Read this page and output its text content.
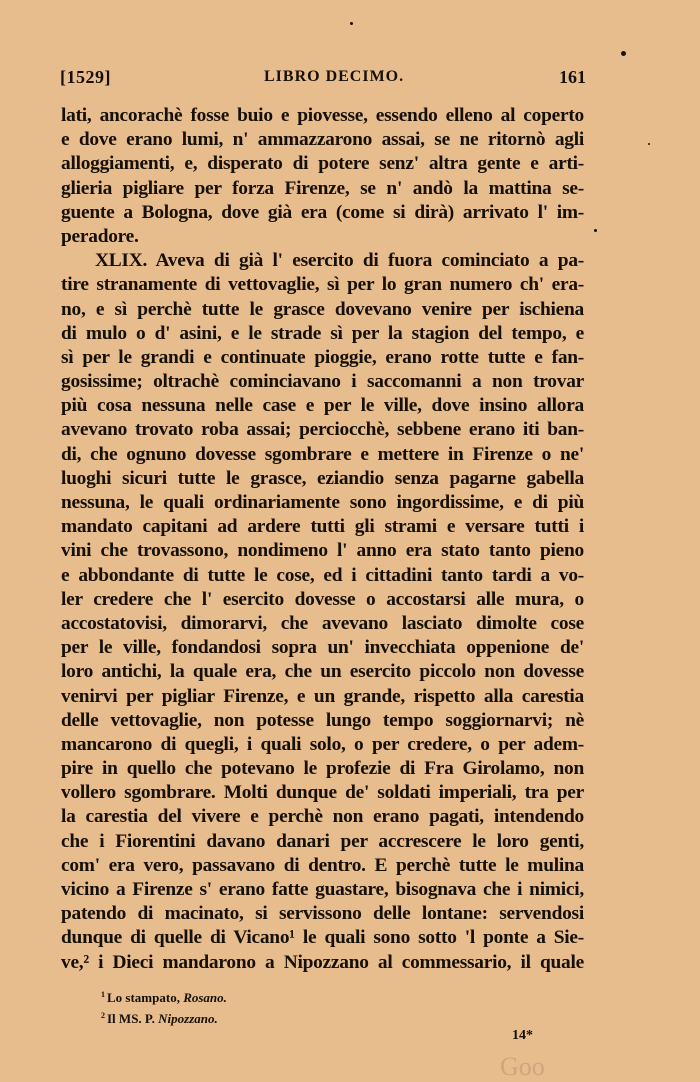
[1529]	LIBRO DECIMO.	161
lati, ancorachè fosse buio e piovesse, essendo elleno al coperto
e dove erano lumi, n' ammazzarono assai, se ne ritornò agli
alloggiamenti, e, disperato di potere senz' altra gente e arti-
glieria pigliare per forza Firenze, se n' andò la mattina se-
guente a Bologna, dove già era (come si dirà) arrivato l' im-
peradore.
XLIX. Aveva di già l' esercito di fuora cominciato a pa-
tire stranamente di vettovaglie, sì per lo gran numero ch' era-
no, e sì perchè tutte le grasce dovevano venire per ischiena
di mulo o d' asini, e le strade sì per la stagion del tempo, e
sì per le grandi e continuate pioggie, erano rotte tutte e fan-
gosissime; oltrachè cominciavano i saccomanni a non trovar
più cosa nessuna nelle case e per le ville, dove insino allora
avevano trovato roba assai; perciocchè, sebbene erano iti ban-
di, che ognuno dovesse sgombrare e mettere in Firenze o ne'
luoghi sicuri tutte le grasce, eziandio senza pagarne gabella
nessuna, le quali ordinariamente sono ingordissime, e di più
mandato capitani ad ardere tutti gli strami e versare tutti i
vini che trovassono, nondimeno l' anno era stato tanto pieno
e abbondante di tutte le cose, ed i cittadini tanto tardi a vo-
ler credere che l' esercito dovesse o accostarsi alle mura, o
accostatovisi, dimorarvi, che avevano lasciato dimolte cose
per le ville, fondandosi sopra un' invecchiata oppenione de'
loro antichi, la quale era, che un esercito piccolo non dovesse
venirvi per pigliar Firenze, e un grande, rispetto alla carestia
delle vettovaglie, non potesse lungo tempo soggiornarvi; nè
mancarono di quegli, i quali solo, o per credere, o per adem-
pire in quello che potevano le profezie di Fra Girolamo, non
vollero sgombrare. Molti dunque de' soldati imperiali, tra per
la carestia del vivere e perchè non erano pagati, intendendo
che i Fiorentini davano danari per accrescere le loro genti,
com' era vero, passavano di dentro. E perchè tutte le mulina
vicino a Firenze s' erano fatte guastare, bisognava che i nimici,
patendo di macinato, si servissono delle lontane: servendosi
dunque di quelle di Vicano¹ le quali sono sotto 'l ponte a Sie-
ve,² i Dieci mandarono a Nipozzano al commessario, il quale
$^1$ Lo stampato, Rosano.
$^2$ Il MS. P. Nipozzano.
14*
Goo
